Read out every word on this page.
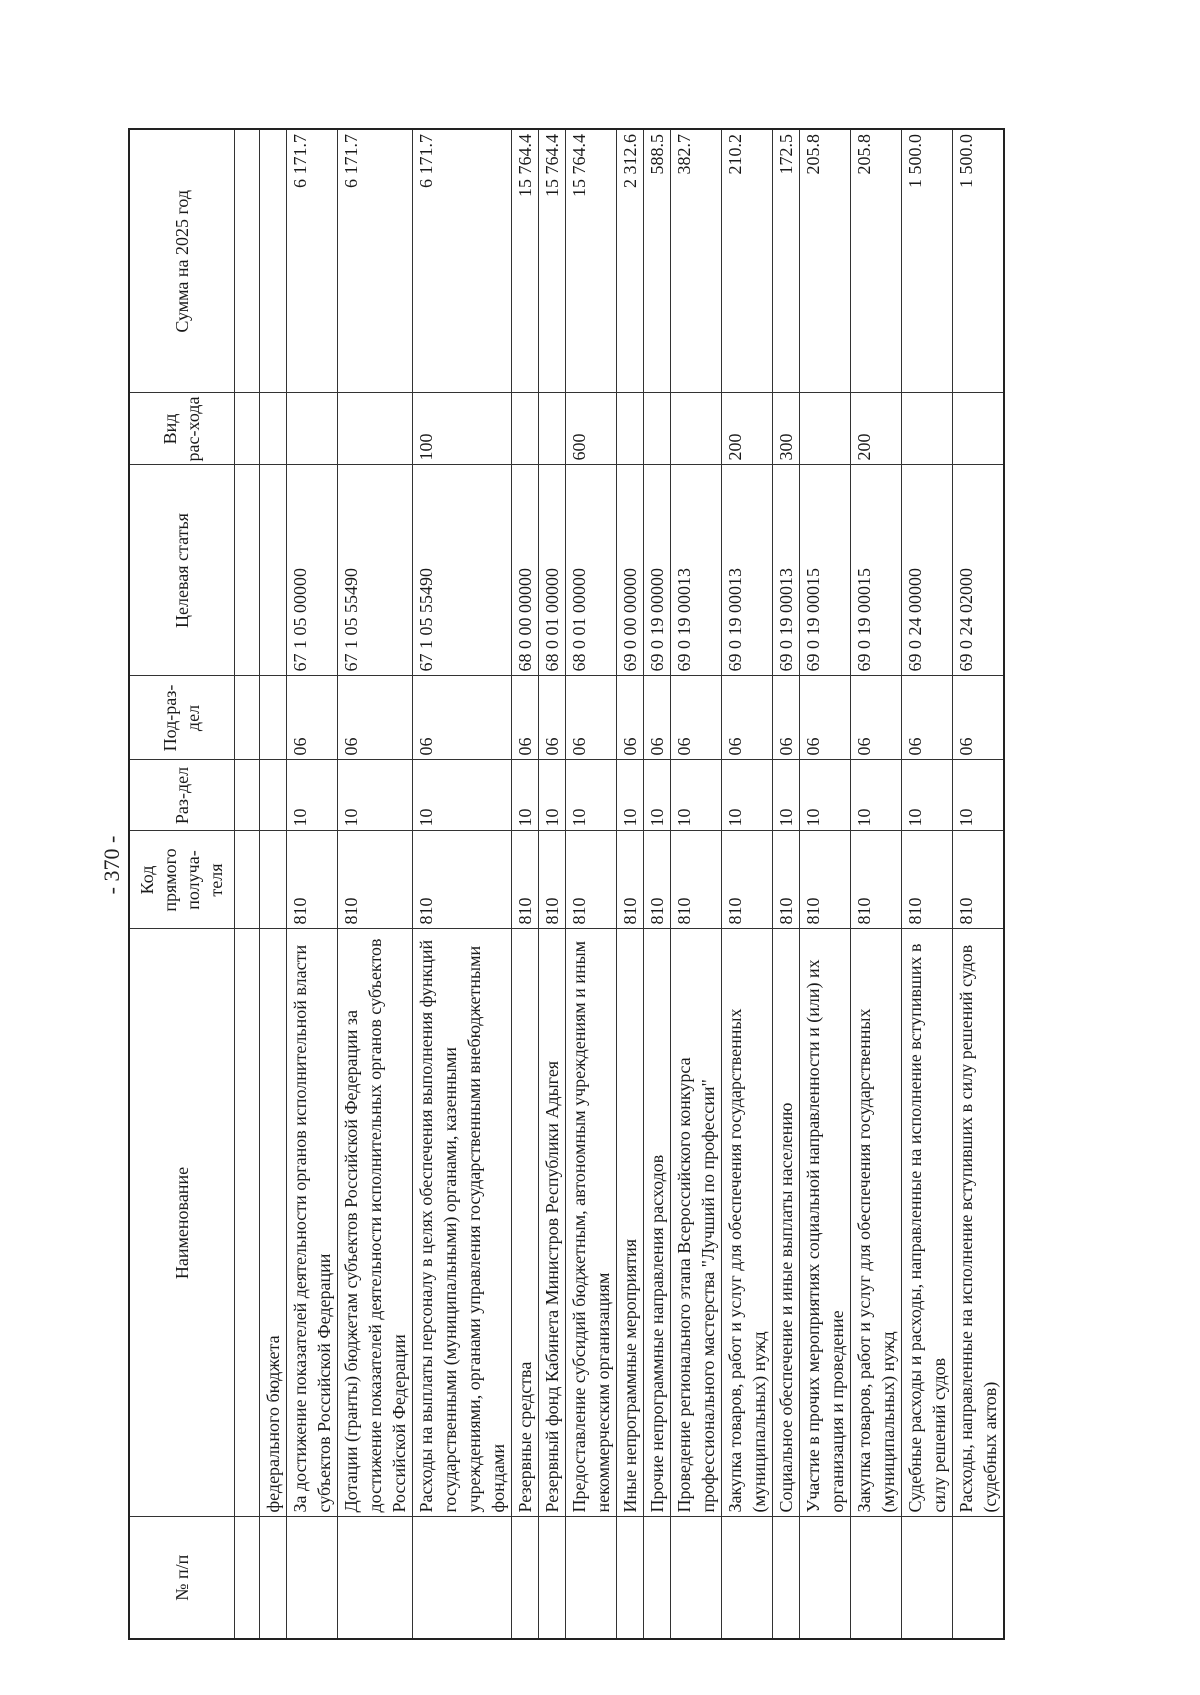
- 370 -
№ п/п	Наименование	Код прямого получа-теля	Раз-дел	Под-раз-дел	Целевая статья	Вид рас-хода	Сумма на 2025 год

	федерального бюджета						
	За достижение показателей деятельности органов исполнительной власти субъектов Российской Федерации	810	10	06	67 1 05 00000		6 171.7
	Дотации (гранты) бюджетам субъектов Российской Федерации за достижение показателей деятельности исполнительных органов субъектов Российской Федерации	810	10	06	67 1 05 55490		6 171.7
	Расходы на выплаты персоналу в целях обеспечения выполнения функций государственными (муниципальными) органами, казенными учреждениями, органами управления государственными внебюджетными фондами	810	10	06	67 1 05 55490	100	6 171.7
	Резервные средства	810	10	06	68 0 00 00000		15 764.4
	Резервный фонд Кабинета Министров Республики Адыгея	810	10	06	68 0 01 00000		15 764.4
	Предоставление субсидий бюджетным, автономным учреждениям и иным некоммерческим организациям	810	10	06	68 0 01 00000	600	15 764.4
	Иные непрограммные мероприятия	810	10	06	69 0 00 00000		2 312.6
	Прочие непрограммные направления расходов	810	10	06	69 0 19 00000		588.5
	Проведение регионального этапа Всероссийского конкурса профессионального мастерства "Лучший по профессии"	810	10	06	69 0 19 00013		382.7
	Закупка товаров, работ и услуг для обеспечения государственных (муниципальных) нужд	810	10	06	69 0 19 00013	200	210.2
	Социальное обеспечение и иные выплаты населению	810	10	06	69 0 19 00013	300	172.5
	Участие в прочих мероприятиях социальной направленности и (или) их организация и проведение	810	10	06	69 0 19 00015		205.8
	Закупка товаров, работ и услуг для обеспечения государственных (муниципальных) нужд	810	10	06	69 0 19 00015	200	205.8
	Судебные расходы и расходы, направленные на исполнение вступивших в силу решений судов	810	10	06	69 0 24 00000		1 500.0
	Расходы, направленные на исполнение вступивших в силу решений судов (судебных актов)	810	10	06	69 0 24 02000		1 500.0
